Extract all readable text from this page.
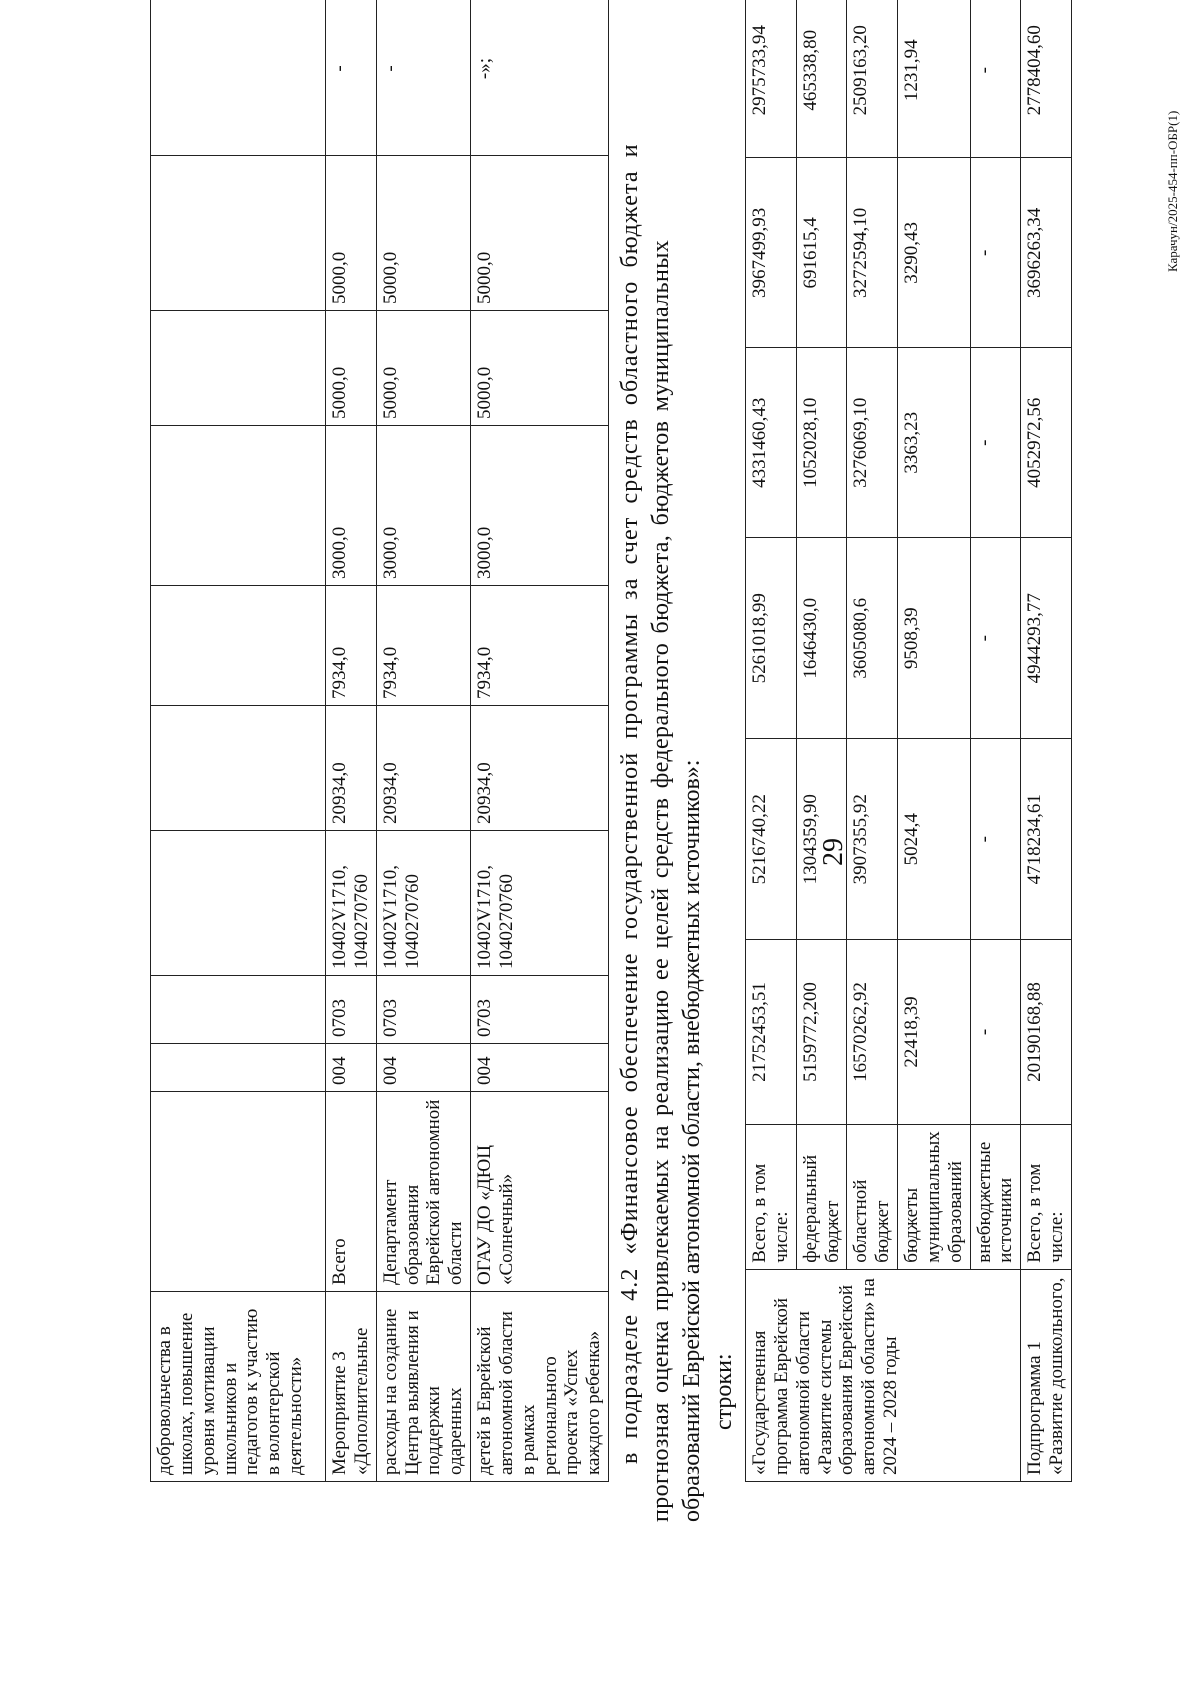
29
добровольчества в школах, повышение уровня мотивации школьников и педагогов к участию в волонтерской деятельности»										
Мероприятие 3 «Дополнительные	Всего	004	0703	10402V1710, 1040270760	20934,0	7934,0	3000,0	5000,0	5000,0	-
расходы на создание Центра выявления и поддержки одаренных	Департамент образования Еврейской автономной области	004	0703	10402V1710, 1040270760	20934,0	7934,0	3000,0	5000,0	5000,0	-
детей в Еврейской автономной области в рамках регионального проекта «Успех каждого ребенка»	ОГАУ ДО «ДЮЦ «Солнечный»	004	0703	10402V1710, 1040270760	20934,0	7934,0	3000,0	5000,0	5000,0	-»;
в подразделе 4.2 «Финансовое обеспечение государственной программы за счет средств областного бюджета и прогнозная оценка привлекаемых на реализацию ее целей средств федерального бюджета, бюджетов муниципальных образований Еврейской автономной области, внебюджетных источников»: строки: «Государственная программа Еврейской автономной области «Развитие системы образования Еврейской автономной области» на 2024 – 2028 годы	Всего, в том числе:	21752453,51	5216740,22	5261018,99	4331460,43	3967499,93	2975733,94
	федеральный бюджет	5159772,200	1304359,90	1646430,0	1052028,10	691615,4	465338,80
	областной бюджет	16570262,92	3907355,92	3605080,6	3276069,10	3272594,10	2509163,20
	бюджеты муниципальных образований	22418,39	5024,4	9508,39	3363,23	3290,43	1231,94
	внебюджетные источники	-	-	-	-	-	-
Подпрограмма 1 «Развитие дошкольного,	Всего, в том числе:	20190168,88	4718234,61	4944293,77	4052972,56	3696263,34	2778404,60
Карачун/2025-454-пп-ОБР(1)
